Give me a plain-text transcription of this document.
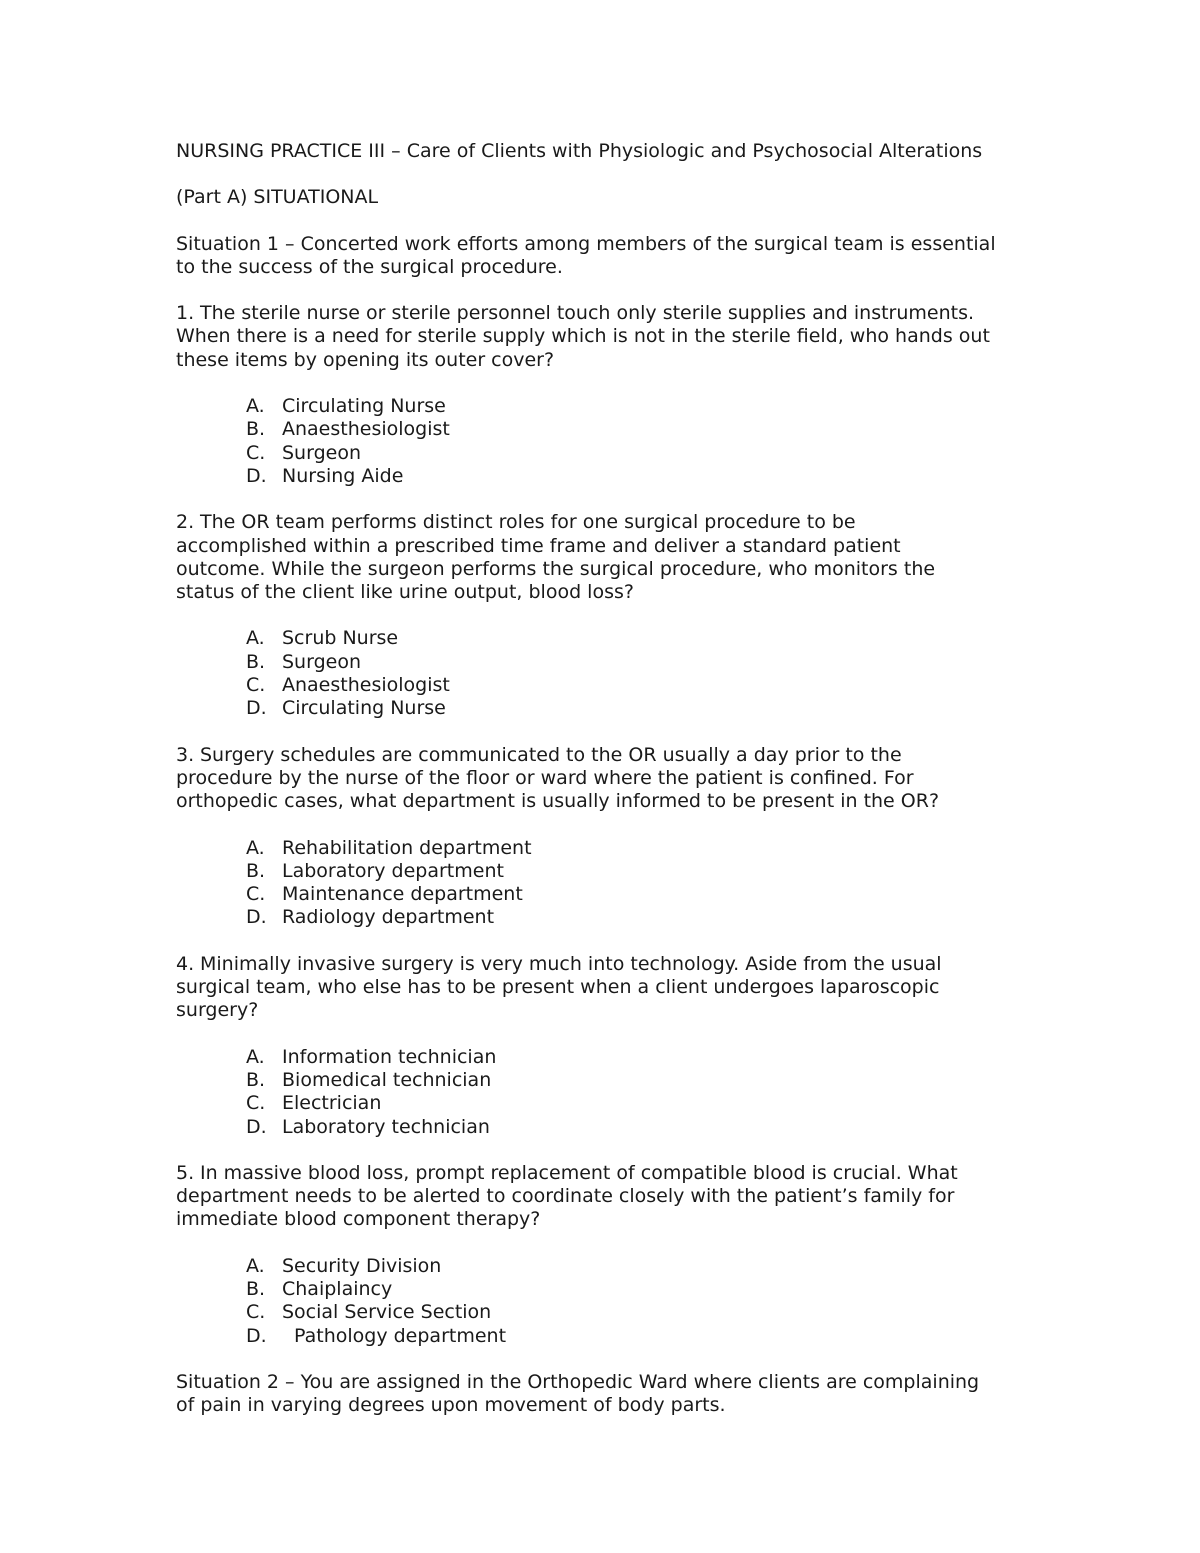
NURSING PRACTICE III – Care of Clients with Physiologic and Psychosocial Alterations
(Part A) SITUATIONAL
Situation 1 – Concerted work efforts among members of the surgical team is essential
to the success of the surgical procedure.
1. The sterile nurse or sterile personnel touch only sterile supplies and instruments.
When there is a need for sterile supply which is not in the sterile field, who hands out
these items by opening its outer cover?
A. Circulating Nurse
B. Anaesthesiologist
C. Surgeon
D. Nursing Aide
2. The OR team performs distinct roles for one surgical procedure to be
accomplished within a prescribed time frame and deliver a standard patient
outcome. While the surgeon performs the surgical procedure, who monitors the
status of the client like urine output, blood loss?
A. Scrub Nurse
B. Surgeon
C. Anaesthesiologist
D. Circulating Nurse
3. Surgery schedules are communicated to the OR usually a day prior to the
procedure by the nurse of the floor or ward where the patient is confined. For
orthopedic cases, what department is usually informed to be present in the OR?
A. Rehabilitation department
B. Laboratory department
C. Maintenance department
D. Radiology department
4. Minimally invasive surgery is very much into technology. Aside from the usual
surgical team, who else has to be present when a client undergoes laparoscopic
surgery?
A. Information technician
B. Biomedical technician
C. Electrician
D. Laboratory technician
5. In massive blood loss, prompt replacement of compatible blood is crucial. What
department needs to be alerted to coordinate closely with the patient’s family for
immediate blood component therapy?
A. Security Division
B. Chaiplaincy
C. Social Service Section
D. Pathology department
Situation 2 – You are assigned in the Orthopedic Ward where clients are complaining
of pain in varying degrees upon movement of body parts.
